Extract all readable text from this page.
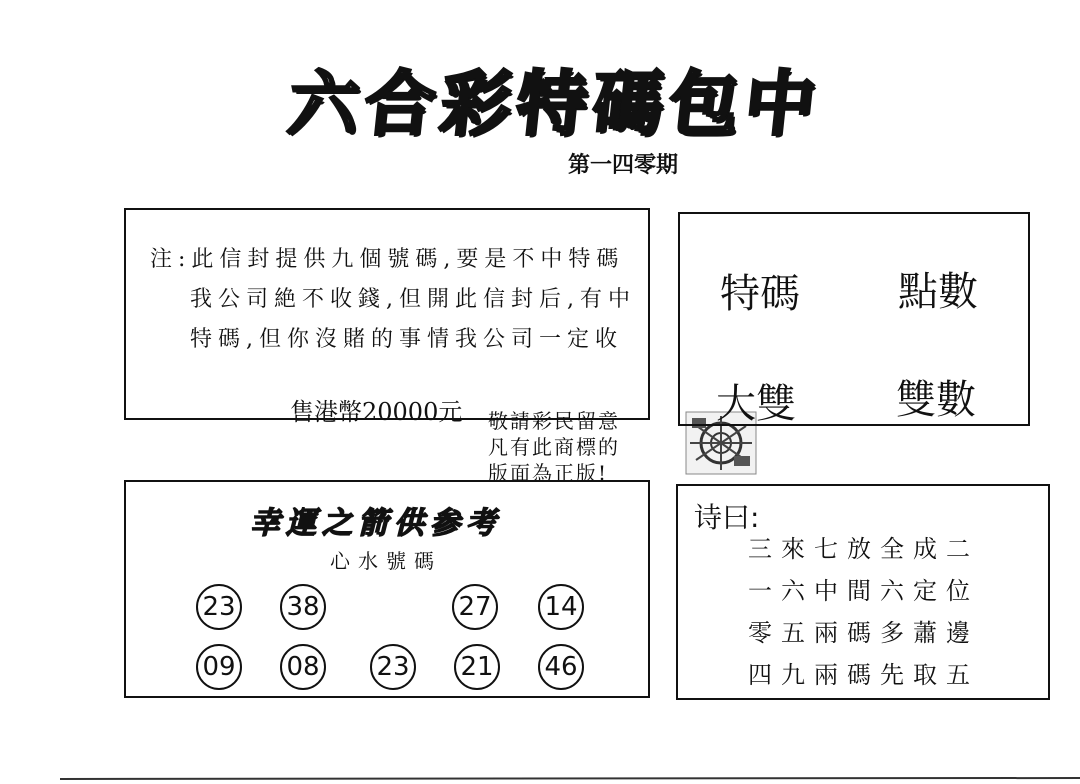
六合彩特碼包中
第一四零期
注:此信封提供九個號碼,要是不中特碼
我公司絶不收錢,但開此信封后,有中
特碼,但你沒賭的事情我公司一定收
售港幣20000元 敬請彩民留意
凡有此商標的
版面為正版!
特碼 點數
大雙	雙數
幸運之箭供参考
心水號碼
23 38	27 14
09 08 23 21 46
诗曰:
三來七放全成二
一六中間六定位
零五兩碼多蕭邊
四九兩碼先取五
